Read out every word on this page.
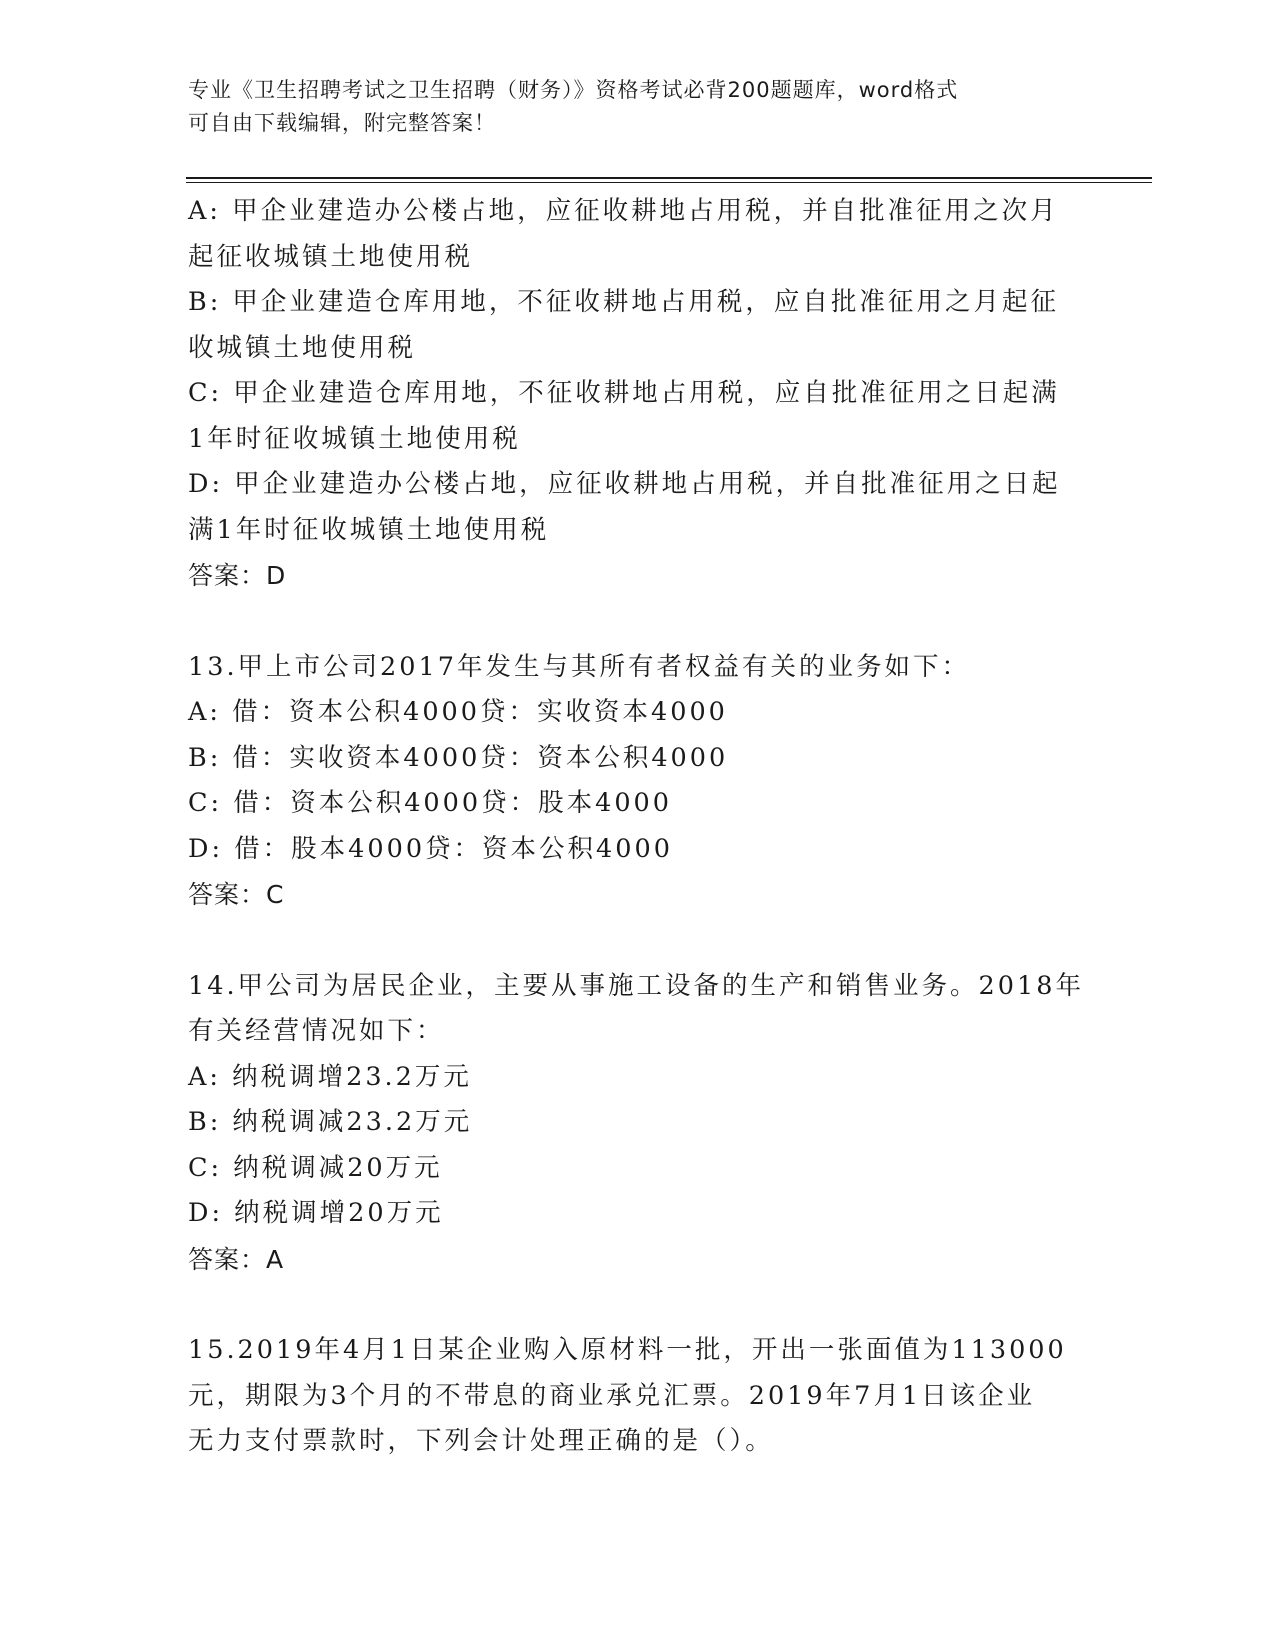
专业《卫生招聘考试之卫生招聘（财务）》资格考试必背200题题库，word格式
可自由下载编辑，附完整答案！
A: 甲企业建造办公楼占地，应征收耕地占用税，并自批准征用之次月
起征收城镇土地使用税
B: 甲企业建造仓库用地，不征收耕地占用税，应自批准征用之月起征
收城镇土地使用税
C: 甲企业建造仓库用地，不征收耕地占用税，应自批准征用之日起满
1年时征收城镇土地使用税
D: 甲企业建造办公楼占地，应征收耕地占用税，并自批准征用之日起
满1年时征收城镇土地使用税
答案：D
13.甲上市公司2017年发生与其所有者权益有关的业务如下：
A: 借：资本公积4000贷：实收资本4000
B: 借：实收资本4000贷：资本公积4000
C: 借：资本公积4000贷：股本4000
D: 借：股本4000贷：资本公积4000
答案：C
14.甲公司为居民企业，主要从事施工设备的生产和销售业务。2018年
有关经营情况如下：
A: 纳税调增23.2万元
B: 纳税调减23.2万元
C: 纳税调减20万元
D: 纳税调增20万元
答案：A
15.2019年4月1日某企业购入原材料一批，开出一张面值为113000
元，期限为3个月的不带息的商业承兑汇票。2019年7月1日该企业
无力支付票款时，下列会计处理正确的是（）。
